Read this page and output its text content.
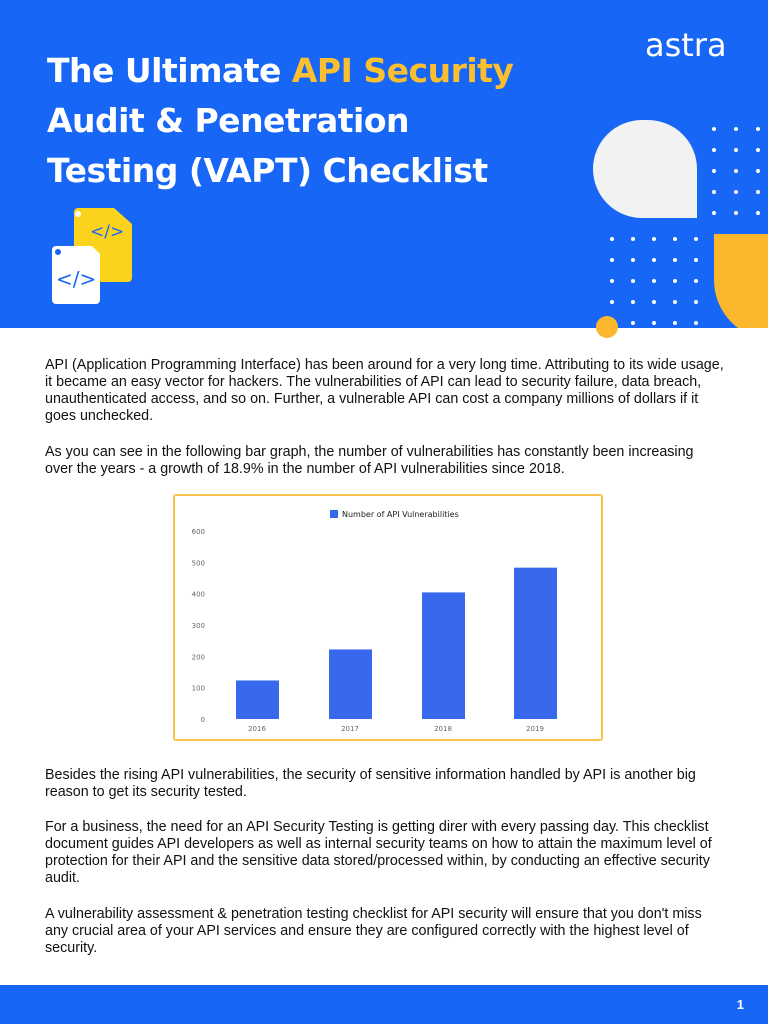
The Ultimate API Security
Audit & Penetration
Testing (VAPT) Checklist
astra
</>
</>

API (Application Programming Interface) has been around for a very long time. Attributing to its wide usage, it became an easy vector for hackers. The vulnerabilities of API can lead to security failure, data breach, unauthenticated access, and so on. Further, a vulnerable API can cost a company millions of dollars if it goes unchecked.

As you can see in the following bar graph, the number of vulnerabilities has constantly been increasing over the years - a growth of 18.9% in the number of API vulnerabilities since 2018.

Number of API Vulnerabilities
0
100
200
300
400
500
600
2016	2017	2018	2019

Besides the rising API vulnerabilities, the security of sensitive information handled by API is another big reason to get its security tested.

For a business, the need for an API Security Testing is getting direr with every passing day. This checklist document guides API developers as well as internal security teams on how to attain the maximum level of protection for their API and the sensitive data stored/processed within, by conducting an effective security audit.

A vulnerability assessment & penetration testing checklist for API security will ensure that you don't miss any crucial area of your API services and ensure they are configured correctly with the highest level of security.

1
